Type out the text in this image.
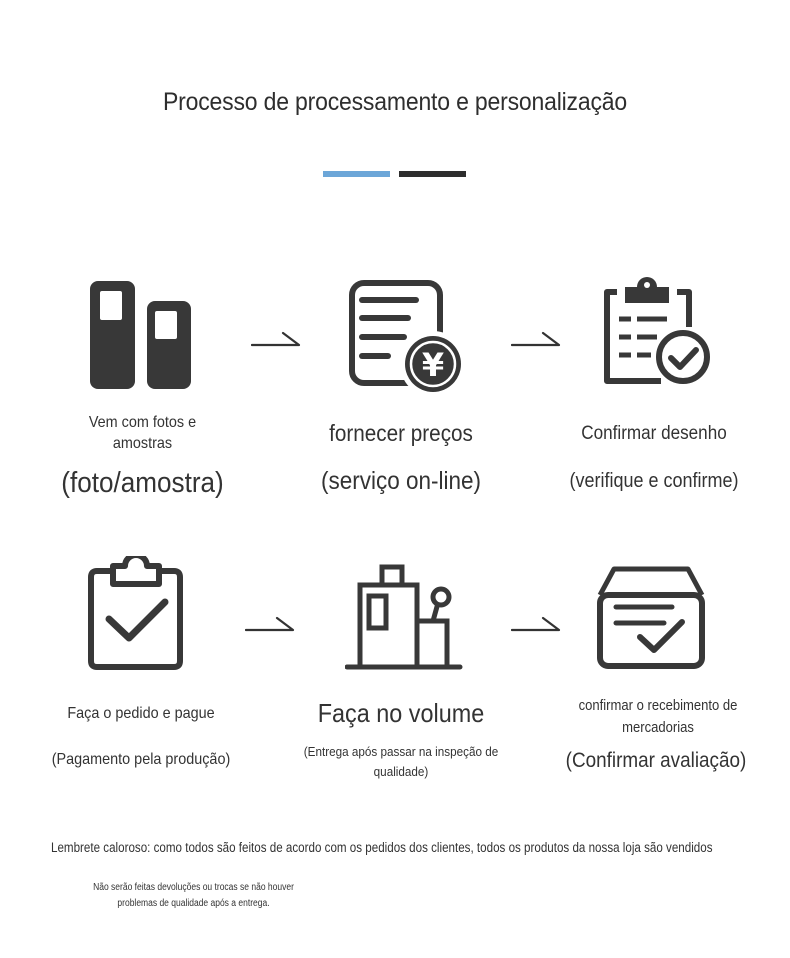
Processo de processamento e personalização
¥
Vem com fotos e amostras
(foto/amostra)
fornecer preços
(serviço on-line)
Confirmar desenho
(verifique e confirme)
Faça o pedido e pague
(Pagamento pela produção)
Faça no volume
(Entrega após passar na inspeção de qualidade)
confirmar o recebimento de mercadorias
(Confirmar avaliação)
Lembrete caloroso: como todos são feitos de acordo com os pedidos dos clientes, todos os produtos da nossa loja são vendidos
Não serão feitas devoluções ou trocas se não houver problemas de qualidade após a entrega.
